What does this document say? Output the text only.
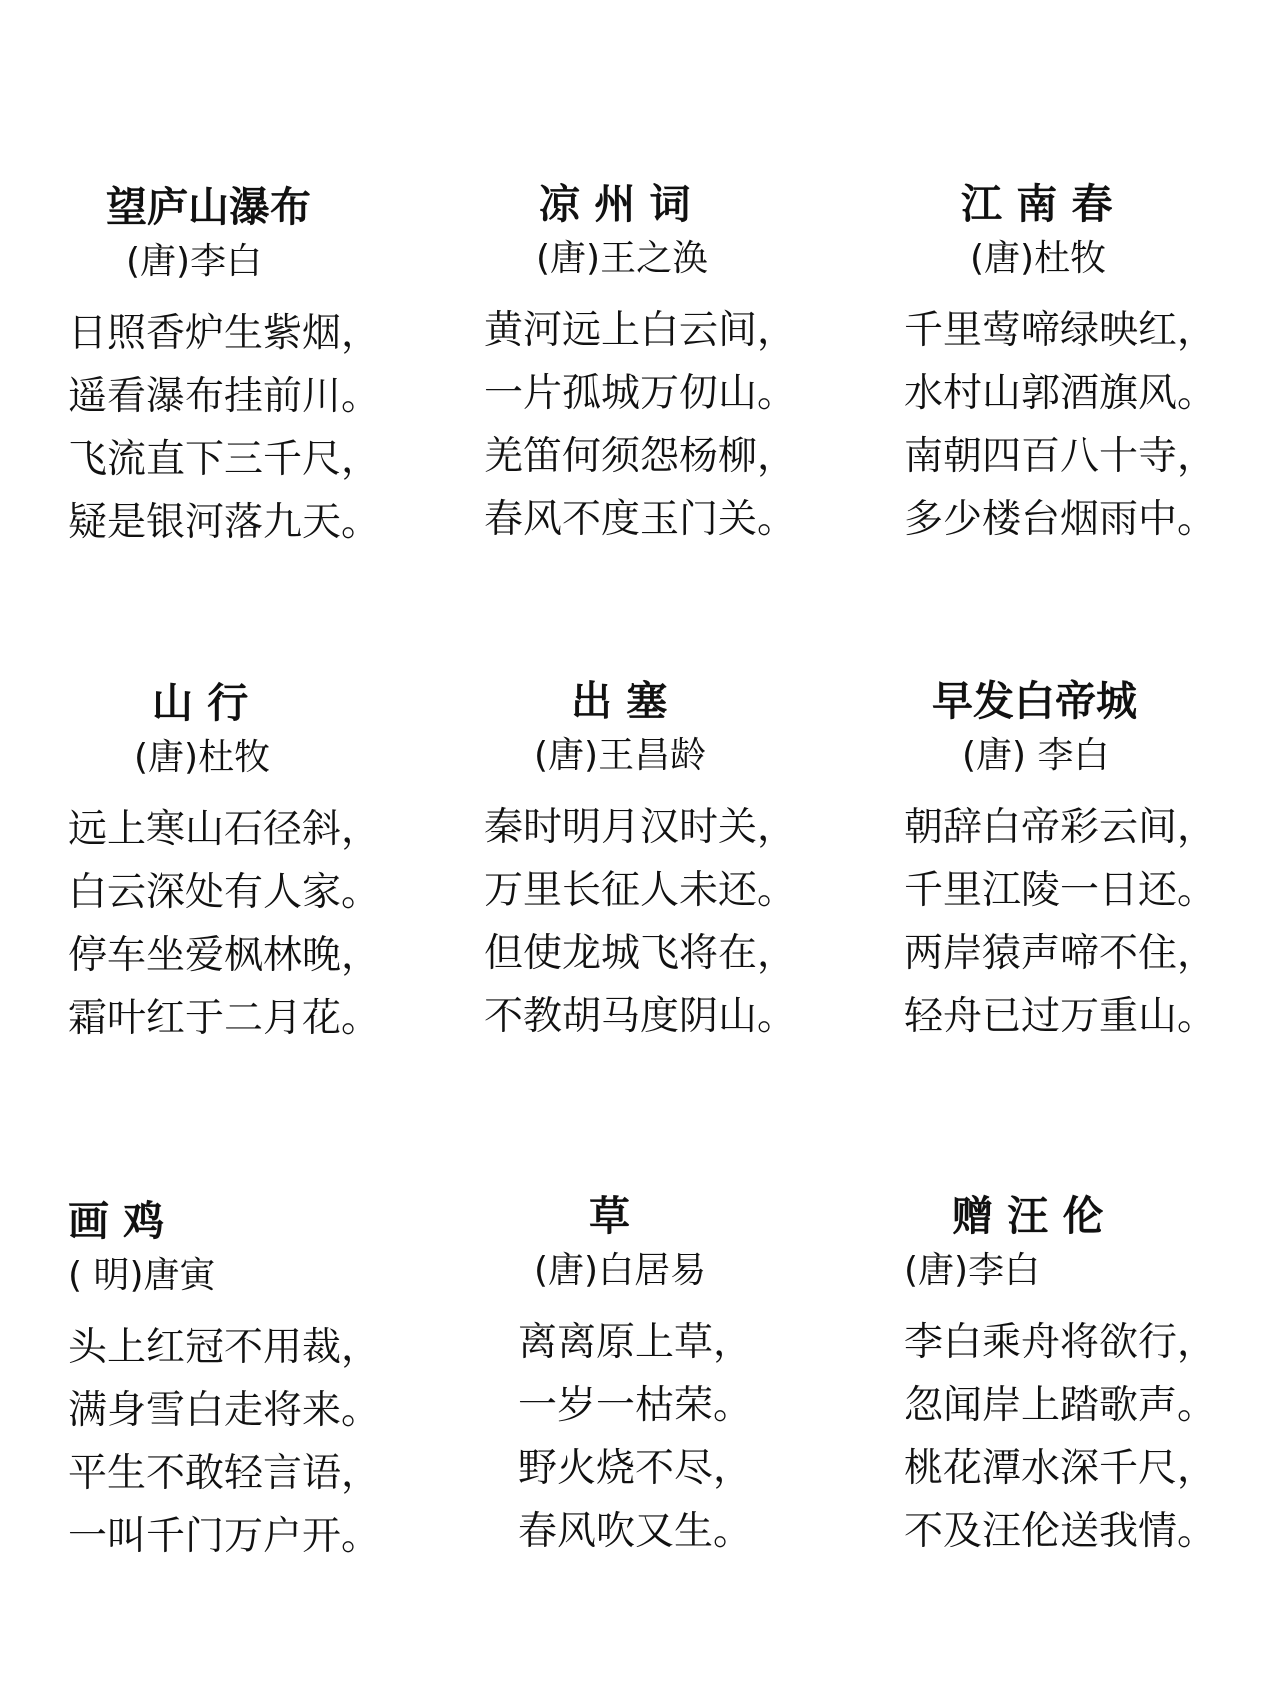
望庐山瀑布
(唐)李白
日照香炉生紫烟，
遥看瀑布挂前川。
飞流直下三千尺，
疑是银河落九天。
凉 州 词
(唐)王之涣
黄河远上白云间，
一片孤城万仞山。
羌笛何须怨杨柳，
春风不度玉门关。
江 南 春
(唐)杜牧
千里莺啼绿映红，
水村山郭酒旗风。
南朝四百八十寺，
多少楼台烟雨中。
山 行
(唐)杜牧
远上寒山石径斜，
白云深处有人家。
停车坐爱枫林晚，
霜叶红于二月花。
出 塞
(唐)王昌龄
秦时明月汉时关，
万里长征人未还。
但使龙城飞将在，
不教胡马度阴山。
早发白帝城
(唐) 李白
朝辞白帝彩云间，
千里江陵一日还。
两岸猿声啼不住，
轻舟已过万重山。
画 鸡
( 明)唐寅
头上红冠不用裁，
满身雪白走将来。
平生不敢轻言语，
一叫千门万户开。
草
(唐)白居易
离离原上草，
一岁一枯荣。
野火烧不尽，
春风吹又生。
赠 汪 伦
(唐)李白
李白乘舟将欲行，
忽闻岸上踏歌声。
桃花潭水深千尺，
不及汪伦送我情。
